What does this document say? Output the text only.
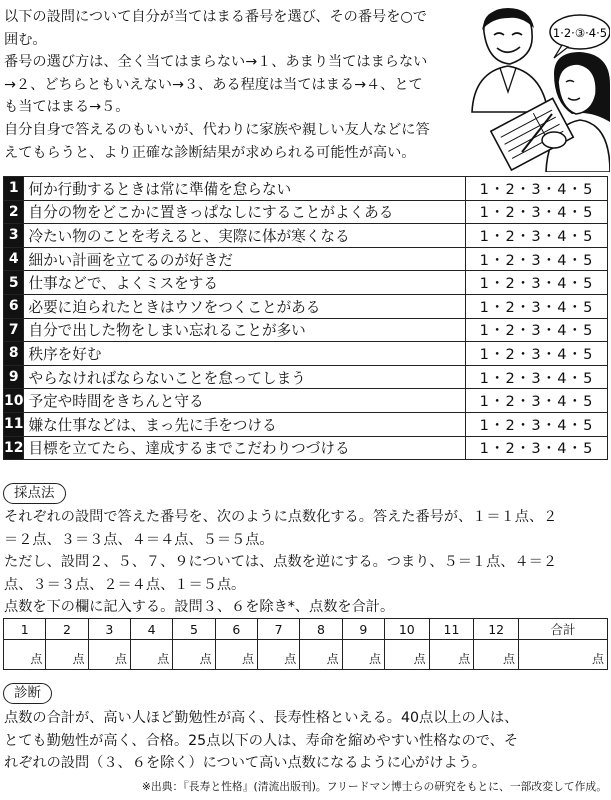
以下の設問について自分が当てはまる番号を選び、その番号を○で
囲む。

番号の選び方は、全く当てはまらない→１、あまり当てはまらない
→２、どちらともいえない→３、ある程度は当てはまる→４、とて
も当てはまる→５。

自分自身で答えるのもいいが、代わりに家族や親しい友人などに答
えてもらうと、より正確な診断結果が求められる可能性が高い。

1·2·③·4·5
1	何か行動するときは常に準備を怠らない	1・2・3・4・5
2	自分の物をどこかに置きっぱなしにすることがよくある	1・2・3・4・5
3	冷たい物のことを考えると、実際に体が寒くなる	1・2・3・4・5
4	細かい計画を立てるのが好きだ	1・2・3・4・5
5	仕事などで、よくミスをする	1・2・3・4・5
6	必要に迫られたときはウソをつくことがある	1・2・3・4・5
7	自分で出した物をしまい忘れることが多い	1・2・3・4・5
8	秩序を好む	1・2・3・4・5
9	やらなければならないことを怠ってしまう	1・2・3・4・5
10	予定や時間をきちんと守る	1・2・3・4・5
11	嫌な仕事などは、まっ先に手をつける	1・2・3・4・5
12	目標を立てたら、達成するまでこだわりつづける	1・2・3・4・5
採点法

それぞれの設問で答えた番号を、次のように点数化する。答えた番号が、１＝１点、２
＝２点、３＝３点、４＝４点、５＝５点。
ただし、設問２、５、７、９については、点数を逆にする。つまり、５＝１点、４＝２
点、３＝３点、２＝４点、１＝５点。
点数を下の欄に記入する。設問３、６を除き*、点数を合計。

1	2	3	4	5	6	7	8	9	10	11	12	合計
点	点	点	点	点	点	点	点	点	点	点	点	点
診断

点数の合計が、高い人ほど勤勉性が高く、長寿性格といえる。40点以上の人は、
とても勤勉性が高く、合格。25点以下の人は、寿命を縮めやすい性格なので、そ
れぞれの設問（３、６を除く）について高い点数になるように心がけよう。

※出典：『長寿と性格』(清流出版刊)。フリードマン博士らの研究をもとに、一部改変して作成。
